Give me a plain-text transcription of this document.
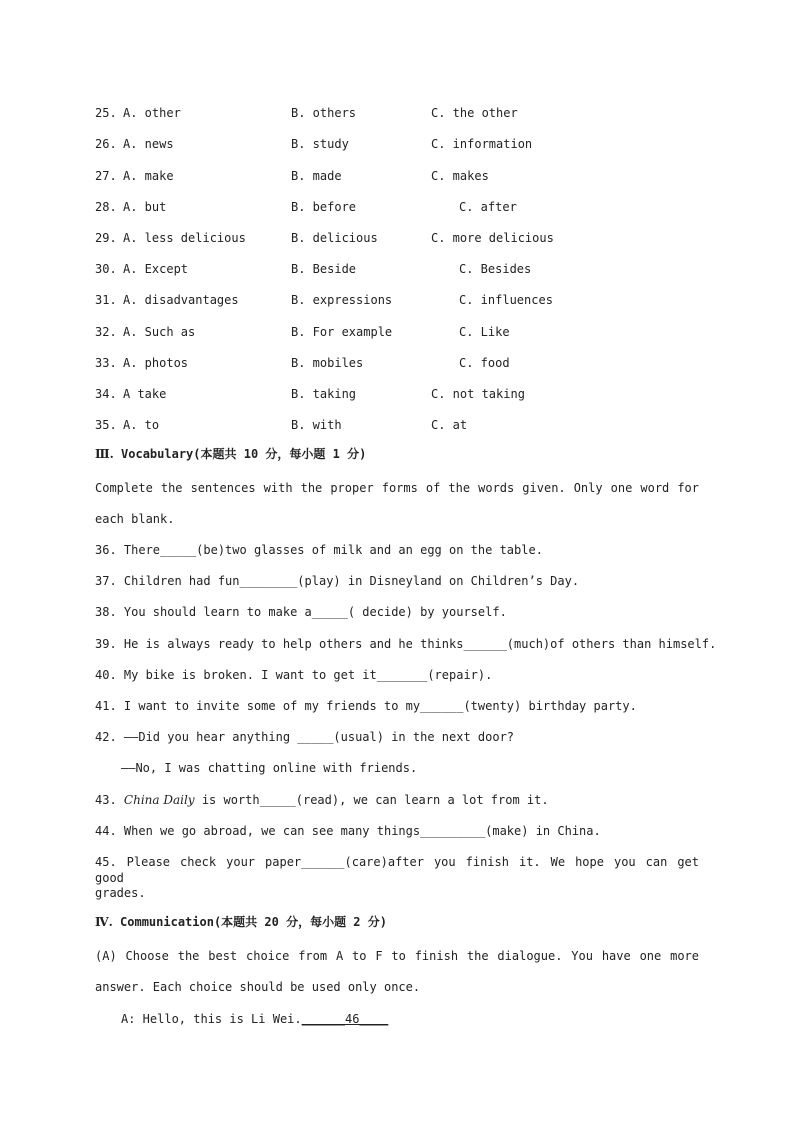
25. A. other	B. others	C. the other
26. A. news	B. study	C. information
27. A. make	B. made	C. makes
28. A. but	B. before	C. after
29. A. less delicious	B. delicious	C. more delicious
30. A. Except	B. Beside	C. Besides
31. A. disadvantages	B. expressions	C. influences
32. A. Such as	B. For example	C. Like
33. A. photos	B. mobiles	C. food
34. A take	B. taking	C. not taking
35. A. to	B. with	C. at
Ⅲ. Vocabulary(本题共 10 分，每小题 1 分)
Complete the sentences with the proper forms of the words given. Only one word for
each blank.
36. There_____(be)two glasses of milk and an egg on the table.
37. Children had fun________(play) in Disneyland on Children’s Day.
38. You should learn to make a_____( decide) by yourself.
39. He is always ready to help others and he thinks______(much)of others than himself.
40. My bike is broken. I want to get it_______(repair).
41. I want to invite some of my friends to my______(twenty) birthday party.
42. ——Did you hear anything _____(usual) in the next door?
——No, I was chatting online with friends.
43. China Daily is worth_____(read), we can learn a lot from it.
44. When we go abroad, we can see many things_________(make) in China.
45. Please check your paper______(care)after you finish it. We hope you can get good
grades.
Ⅳ. Communication(本题共 20 分，每小题 2 分)
(A) Choose the best choice from A to F to finish the dialogue. You have one more
answer. Each choice should be used only once.
A: Hello, this is Li Wei.______46____
